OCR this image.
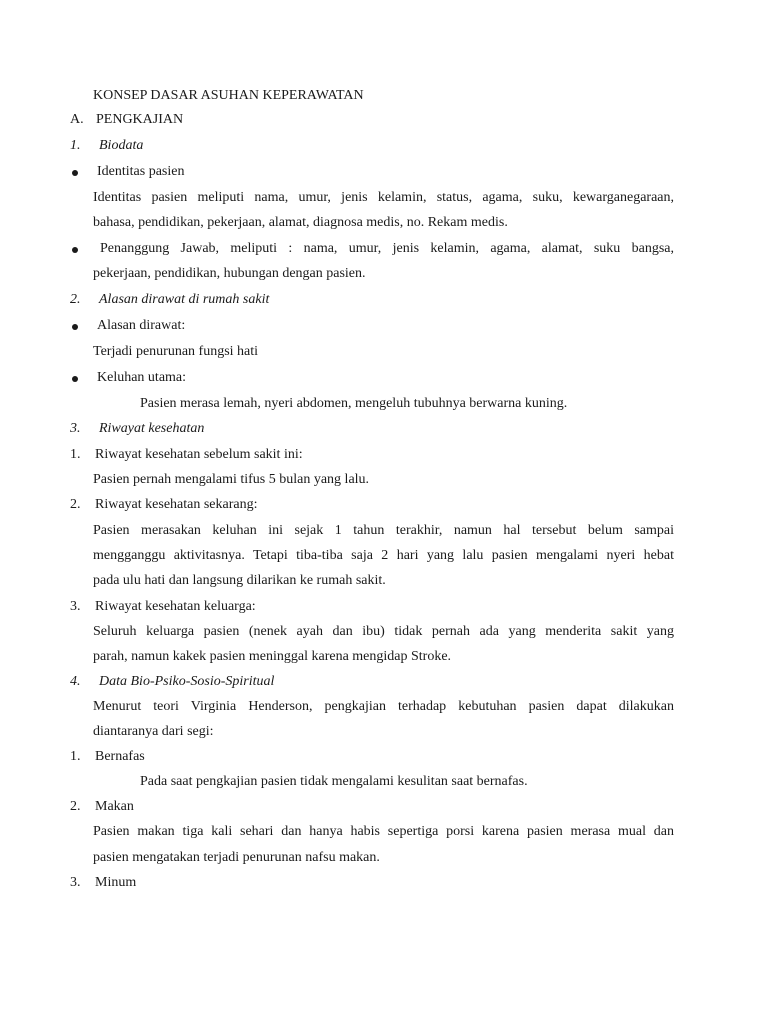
KONSEP DASAR ASUHAN KEPERAWATAN
A. PENGKAJIAN
1. Biodata
Identitas pasien
Identitas pasien meliputi nama, umur, jenis kelamin, status, agama, suku, kewarganegaraan,
bahasa, pendidikan, pekerjaan, alamat, diagnosa medis, no. Rekam medis.
Penanggung Jawab, meliputi : nama, umur, jenis kelamin, agama, alamat, suku bangsa,
pekerjaan, pendidikan, hubungan dengan pasien.
2. Alasan dirawat di rumah sakit
Alasan dirawat:
Terjadi penurunan fungsi hati
Keluhan utama:
Pasien merasa lemah, nyeri abdomen, mengeluh tubuhnya berwarna kuning.
3. Riwayat kesehatan
1. Riwayat kesehatan sebelum sakit ini:
Pasien pernah mengalami tifus 5 bulan yang lalu.
2. Riwayat kesehatan sekarang:
Pasien merasakan keluhan ini sejak 1 tahun terakhir, namun hal tersebut belum sampai
mengganggu aktivitasnya. Tetapi tiba-tiba saja 2 hari yang lalu pasien mengalami nyeri hebat
pada ulu hati dan langsung dilarikan ke rumah sakit.
3. Riwayat kesehatan keluarga:
Seluruh keluarga pasien (nenek ayah dan ibu) tidak pernah ada yang menderita sakit yang
parah, namun kakek pasien meninggal karena mengidap Stroke.
4. Data Bio-Psiko-Sosio-Spiritual
Menurut teori Virginia Henderson, pengkajian terhadap kebutuhan pasien dapat dilakukan
diantaranya dari segi:
1. Bernafas
Pada saat pengkajian pasien tidak mengalami kesulitan saat bernafas.
2. Makan
Pasien makan tiga kali sehari dan hanya habis sepertiga porsi karena pasien merasa mual dan
pasien mengatakan terjadi penurunan nafsu makan.
3. Minum
